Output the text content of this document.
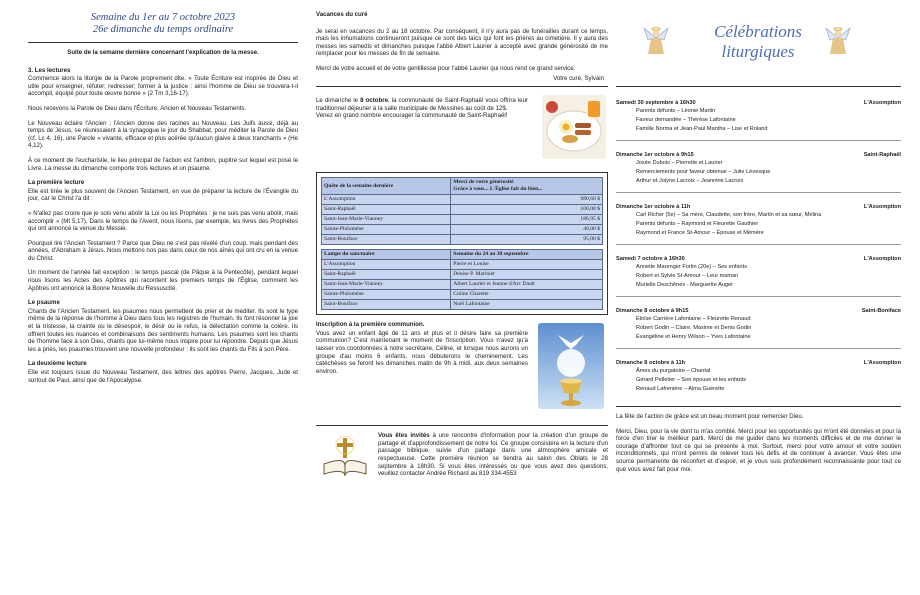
Semaine du 1er au 7 octobre 2023
26e dimanche du temps ordinaire

Suite de la semaine dernière concernant l'explication de la messe.

3. Les lectures

Commence alors la liturgie de la Parole proprement dite. « Toute Écriture est inspirée de Dieu et utile pour enseigner, réfuter; redresser; former à la justice : ainsi l'homme de Dieu se trouvera-t-il accompli, équipé pour toute œuvre bonne » (2 Tm 3,16-17).

Nous recevons la Parole de Dieu dans l'Écriture, Ancien et Nouveau Testaments.

Le Nouveau éclaire l'Ancien ; l'Ancien donne des racines au Nouveau. Les Juifs aussi, déjà au temps de Jésus, se réunissaient à la synagogue le jour du Shabbat, pour méditer la Parole de Dieu (cf. Lc 4, 16), une Parole « vivante, efficace et plus acérée qu'aucun glaive à deux tranchants » (He 4,12).

À ce moment de l'eucharistie, le lieu principal de l'action est l'ambon, pupitre sur lequel est posé le Livre. La messe du dimanche comporte trois lectures et un psaume.

La première lecture

Elle est tirée le plus souvent de l'Ancien Testament, en vue de préparer la lecture de l'Évangile du jour, car le Christ l'a dit :

« N'allez pas croire que je sois venu abolir la Loi ou les Prophètes : je ne suis pas venu abolir, mais accomplir » (Mt 5,17). Dans le temps de l'Avent, nous lisons, par exemple, les livres des Prophètes qui ont annoncé la venue du Messie.

Pourquoi lire l'Ancien Testament ? Parce que Dieu ne s'est pas révélé d'un coup, mais pendant des années, d'Abraham à Jésus. Nous mettons nos pas dans ceux de nos aînés qui ont cru en la venue du Christ.

Un moment de l'année fait exception : le temps pascal (de Pâque à la Pentecôte), pendant lequel nous lisons les Actes des Apôtres qui racontent les premiers temps de l'Église, comment les Apôtres ont annoncé la Bonne Nouvelle du Ressuscité.

Le psaume

Chants de l'Ancien Testament, les psaumes nous permettent de prier et de méditer. Ils sont le type même de la réponse de l'homme à Dieu dans tous les registres de l'humain. Ils font résonner la joie et la tristesse, la crainte ou le désespoir, le désir ou le refus, la délectation comme la colère. Ils offrent toutes les nuances et combinaisons des sentiments humains. Les psaumes sont les chants de l'homme face à son Dieu, chants que lui-même nous inspire pour lui répondre. Depuis que Jésus les a priés, les psaumes trouvent une nouvelle profondeur : ils sont les chants du Fils à son Père.

La deuxième lecture

Elle est toujours issue du Nouveau Testament, des lettres des apôtres Pierre, Jacques, Jude et surtout de Paul, ainsi que de l'Apocalypse.

Vacances du curé

Je serai en vacances du 2 au 18 octobre. Par conséquent, il n'y aura pas de funérailles durant ce temps, mais les inhumations continueront puisque ce sont des laïcs qui font les prières au cimetière. Il y aura des messes les samedis et dimanches puisque l'abbé Albert Laurier a accepté avec grande générosité de me remplacer pour les messes de fin de semaine.

Merci de votre accueil et de votre gentillesse pour l'abbé Laurier qui nous rend ce grand service.

Votre curé, Sylvain
Le dimanche le 8 octobre, la communauté de Saint-Raphaël vous offrira leur traditionnel déjeuner à la salle municipale de Messines au coût de 12$.
Venez en grand nombre encourager la communauté de Saint-Raphaël!
Quête de la semaine dernière	Merci de votre générosité
Grâce à vous... L'Église fait du bien...

L'Assomption	980,60 $
Saint-Raphaël	100,00 $
Saint-Jean-Marie-Vianney	186,95 $
Sainte-Philomène	40,00 $
Saint-Boniface	95,00 $
Lampe du sanctuaire	Semaine du 24 au 30 septembre
L'Assomption	Pierre et Louise
Saint-Raphaël	Denise P. Marinier
Saint-Jean-Marie-Vianney	Albert Laurier et Jeanne d'Arc Dault
Sainte-Philomène	Coline Charette
Saint-Boniface	Noël Lafontaine
Inscription à la première communion.

Vous avez un enfant âgé de 11 ans et plus et il désire faire sa première communion? C'est maintenant le moment de l'inscription. Vous n'avez qu'à laisser vos coordonnées à notre secrétaire, Céline, et lorsque nous aurons un groupe d'au moins 6 enfants, nous débuterons le cheminement. Les catéchèses se feront les dimanches matin de 9h à midi, aux deux semaines environ.

Vous êtes invités à une rencontre d'information pour la création d'un groupe de partage et d'approfondissement de notre foi. Ce groupe consistera en la lecture d'un passage biblique, suivie d'un partage dans une atmosphère amicale et respectueuse. Cette première réunion se tiendra au salon des Oblats le 28 septembre à 18h30. Si vous êtes intéressés ou que vous avez des questions, veuillez contacter Andrée Richard au 819 334-4553

Célébrations
liturgiques
Samedi 30 septembre à 16h30	L'Assomption
Parents défunts – Léonie Martin
Faveur demandée – Thérèse Lafontaine
Famille Norma et Jean-Paul Mantha – Lise et Roland
Dimanche 1er octobre à 9h15	Saint-Raphaël
Josée Dubois – Pierrette et Laurier
Remerciements pour faveur obtenue – Julie Lévesque
Arthur et Jolyne Lacroix – Jeannine Lacroix
Dimanche 1er octobre à 11h	L'Assomption
Carl Richer (5e) – Sa mère, Claudette, son frère, Martin et sa sœur, Mélina
Parents défunts – Raymond et Fleurette Gauthier
Raymond et France St-Amour – Épouse et Mémère
Samedi 7 octobre à 16h30	L'Assomption
Annette Marenger Fortin (20e) – Ses enfants
Robert et Sylvie St-Amour – Leur maman
Murielle Deschênes - Marguerite Auger
Dimanche 8 octobre à 9h15	Saint-Boniface
Éloïse Carrière Lafontaine – Fleurette Renaud
Robert Godin – Claire, Maxime et Denis Godin
Évangéline et Henry Wilson – Yves Lafontaine
Dimanche 8 octobre à 11h	L'Assomption
Âmes du purgatoire – Chantal
Gérard Pelletier – Son épouse et les enfants
Renaud Lafrenière – Alma Guérette

La fête de l'action de grâce est un beau moment pour remercier Dieu.

Merci, Dieu, pour la vie dont tu m'as comblé. Merci pour les opportunités qui m'ont été données et pour la force d'en tirer le meilleur parti. Merci de me guider dans les moments difficiles et de me donner le courage d'affronter tout ce qui se présente à moi. Surtout, merci pour votre amour et votre soutien inconditionnels, qui m'ont permis de relever tous les défis et de continuer à avancer. Vous êtes une source permanente de réconfort et d'espoir, et je vous suis profondément reconnaissante pour tout ce que vous avez fait pour moi.
